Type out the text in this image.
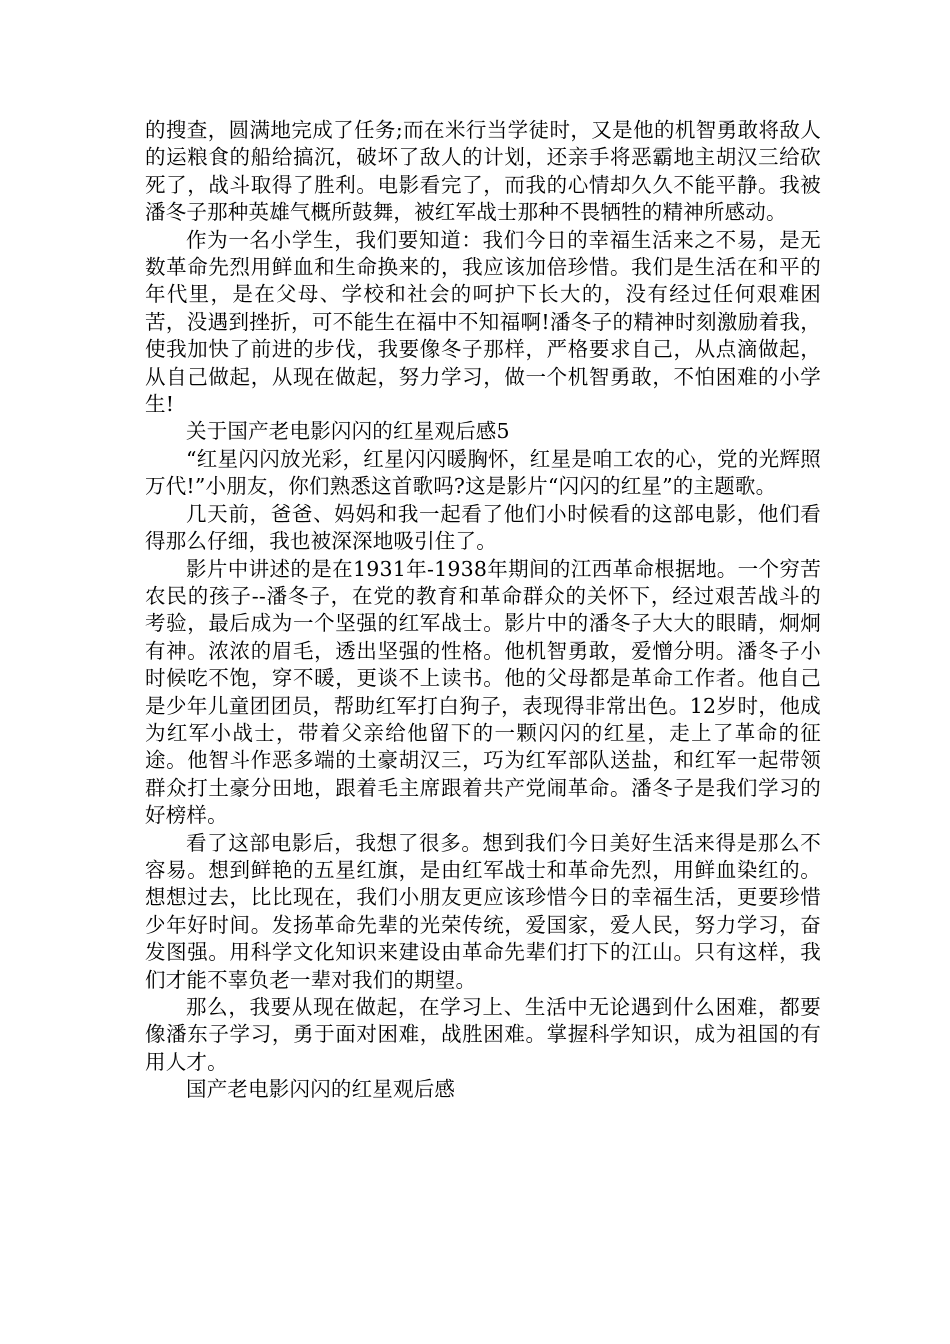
的搜查，圆满地完成了任务;而在米行当学徒时，又是他的机智勇敢将敌人的运粮食的船给搞沉，破坏了敌人的计划，还亲手将恶霸地主胡汉三给砍死了，战斗取得了胜利。电影看完了，而我的心情却久久不能平静。我被潘冬子那种英雄气概所鼓舞，被红军战士那种不畏牺牲的精神所感动。

作为一名小学生，我们要知道：我们今日的幸福生活来之不易，是无数革命先烈用鲜血和生命换来的，我应该加倍珍惜。我们是生活在和平的年代里，是在父母、学校和社会的呵护下长大的，没有经过任何艰难困苦，没遇到挫折，可不能生在福中不知福啊!潘冬子的精神时刻激励着我，使我加快了前进的步伐，我要像冬子那样，严格要求自己，从点滴做起，从自己做起，从现在做起，努力学习，做一个机智勇敢，不怕困难的小学生!

关于国产老电影闪闪的红星观后感5

“红星闪闪放光彩，红星闪闪暖胸怀，红星是咱工农的心，党的光辉照万代!”小朋友，你们熟悉这首歌吗?这是影片“闪闪的红星”的主题歌。

几天前，爸爸、妈妈和我一起看了他们小时候看的这部电影，他们看得那么仔细，我也被深深地吸引住了。

影片中讲述的是在1931年-1938年期间的江西革命根据地。一个穷苦农民的孩子--潘冬子，在党的教育和革命群众的关怀下，经过艰苦战斗的考验，最后成为一个坚强的红军战士。影片中的潘冬子大大的眼睛，炯炯有神。浓浓的眉毛，透出坚强的性格。他机智勇敢，爱憎分明。潘冬子小时候吃不饱，穿不暖，更谈不上读书。他的父母都是革命工作者。他自己是少年儿童团团员，帮助红军打白狗子，表现得非常出色。12岁时，他成为红军小战士，带着父亲给他留下的一颗闪闪的红星，走上了革命的征途。他智斗作恶多端的土豪胡汉三，巧为红军部队送盐，和红军一起带领群众打土豪分田地，跟着毛主席跟着共产党闹革命。潘冬子是我们学习的好榜样。

看了这部电影后，我想了很多。想到我们今日美好生活来得是那么不容易。想到鲜艳的五星红旗，是由红军战士和革命先烈，用鲜血染红的。想想过去，比比现在，我们小朋友更应该珍惜今日的幸福生活，更要珍惜少年好时间。发扬革命先辈的光荣传统，爱国家，爱人民，努力学习，奋发图强。用科学文化知识来建设由革命先辈们打下的江山。只有这样，我们才能不辜负老一辈对我们的期望。

那么，我要从现在做起，在学习上、生活中无论遇到什么困难，都要像潘东子学习，勇于面对困难，战胜困难。掌握科学知识，成为祖国的有用人才。

国产老电影闪闪的红星观后感
